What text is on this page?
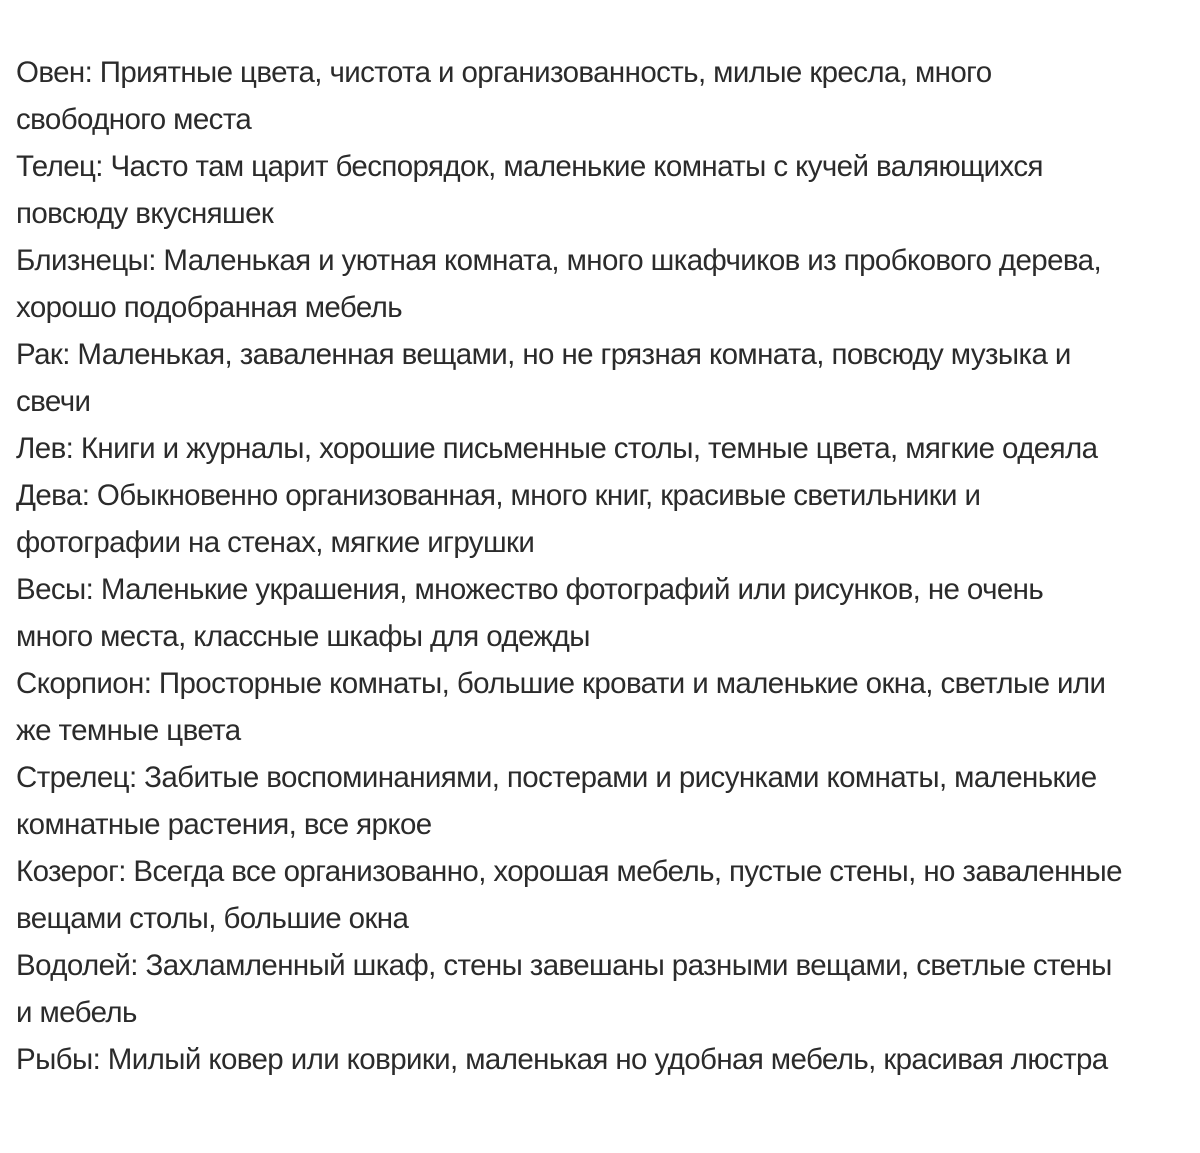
Овен: Приятные цвета, чистота и организованность, милые кресла, много
свободного места

Телец: Часто там царит беспорядок, маленькие комнаты с кучей валяющихся
повсюду вкусняшек

Близнецы: Маленькая и уютная комната, много шкафчиков из пробкового дерева,
хорошо подобранная мебель

Рак: Маленькая, заваленная вещами, но не грязная комната, повсюду музыка и
свечи

Лев: Книги и журналы, хорошие письменные столы, темные цвета, мягкие одеяла

Дева: Обыкновенно организованная, много книг, красивые светильники и
фотографии на стенах, мягкие игрушки

Весы: Маленькие украшения, множество фотографий или рисунков, не очень
много места, классные шкафы для одежды

Скорпион: Просторные комнаты, большие кровати и маленькие окна, светлые или
же темные цвета

Стрелец: Забитые воспоминаниями, постерами и рисунками комнаты, маленькие
комнатные растения, все яркое

Козерог: Всегда все организованно, хорошая мебель, пустые стены, но заваленные
вещами столы, большие окна

Водолей: Захламленный шкаф, стены завешаны разными вещами, светлые стены
и мебель

Рыбы: Милый ковер или коврики, маленькая но удобная мебель, красивая люстра
